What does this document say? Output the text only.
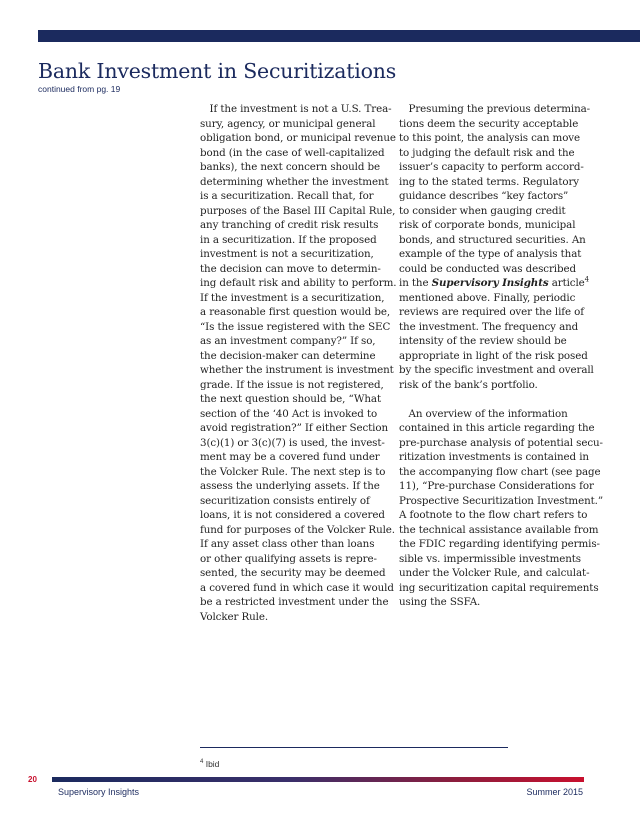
Bank Investment in Securitizations
continued from pg. 19
If the investment is not a U.S. Trea-
sury, agency, or municipal general
obligation bond, or municipal revenue
bond (in the case of well-capitalized
banks), the next concern should be
determining whether the investment
is a securitization. Recall that, for
purposes of the Basel III Capital Rule,
any tranching of credit risk results
in a securitization. If the proposed
investment is not a securitization,
the decision can move to determin-
ing default risk and ability to perform.
If the investment is a securitization,
a reasonable first question would be,
“Is the issue registered with the SEC
as an investment company?” If so,
the decision-maker can determine
whether the instrument is investment
grade. If the issue is not registered,
the next question should be, “What
section of the ‘40 Act is invoked to
avoid registration?” If either Section
3(c)(1) or 3(c)(7) is used, the invest-
ment may be a covered fund under
the Volcker Rule. The next step is to
assess the underlying assets. If the
securitization consists entirely of
loans, it is not considered a covered
fund for purposes of the Volcker Rule.
If any asset class other than loans
or other qualifying assets is repre-
sented, the security may be deemed
a covered fund in which case it would
be a restricted investment under the
Volcker Rule.
Presuming the previous determina-
tions deem the security acceptable
to this point, the analysis can move
to judging the default risk and the
issuer’s capacity to perform accord-
ing to the stated terms. Regulatory
guidance describes “key factors”
to consider when gauging credit
risk of corporate bonds, municipal
bonds, and structured securities. An
example of the type of analysis that
could be conducted was described
in the Supervisory Insights article$^4$
mentioned above. Finally, periodic
reviews are required over the life of
the investment. The frequency and
intensity of the review should be
appropriate in light of the risk posed
by the specific investment and overall
risk of the bank’s portfolio.
An overview of the information
contained in this article regarding the
pre-purchase analysis of potential secu-
ritization investments is contained in
the accompanying flow chart (see page
11), “Pre-purchase Considerations for
Prospective Securitization Investment.”
A footnote to the flow chart refers to
the technical assistance available from
the FDIC regarding identifying permis-
sible vs. impermissible investments
under the Volcker Rule, and calculat-
ing securitization capital requirements
using the SSFA.
$^4$ Ibid
20
Supervisory Insights	Summer 2015
